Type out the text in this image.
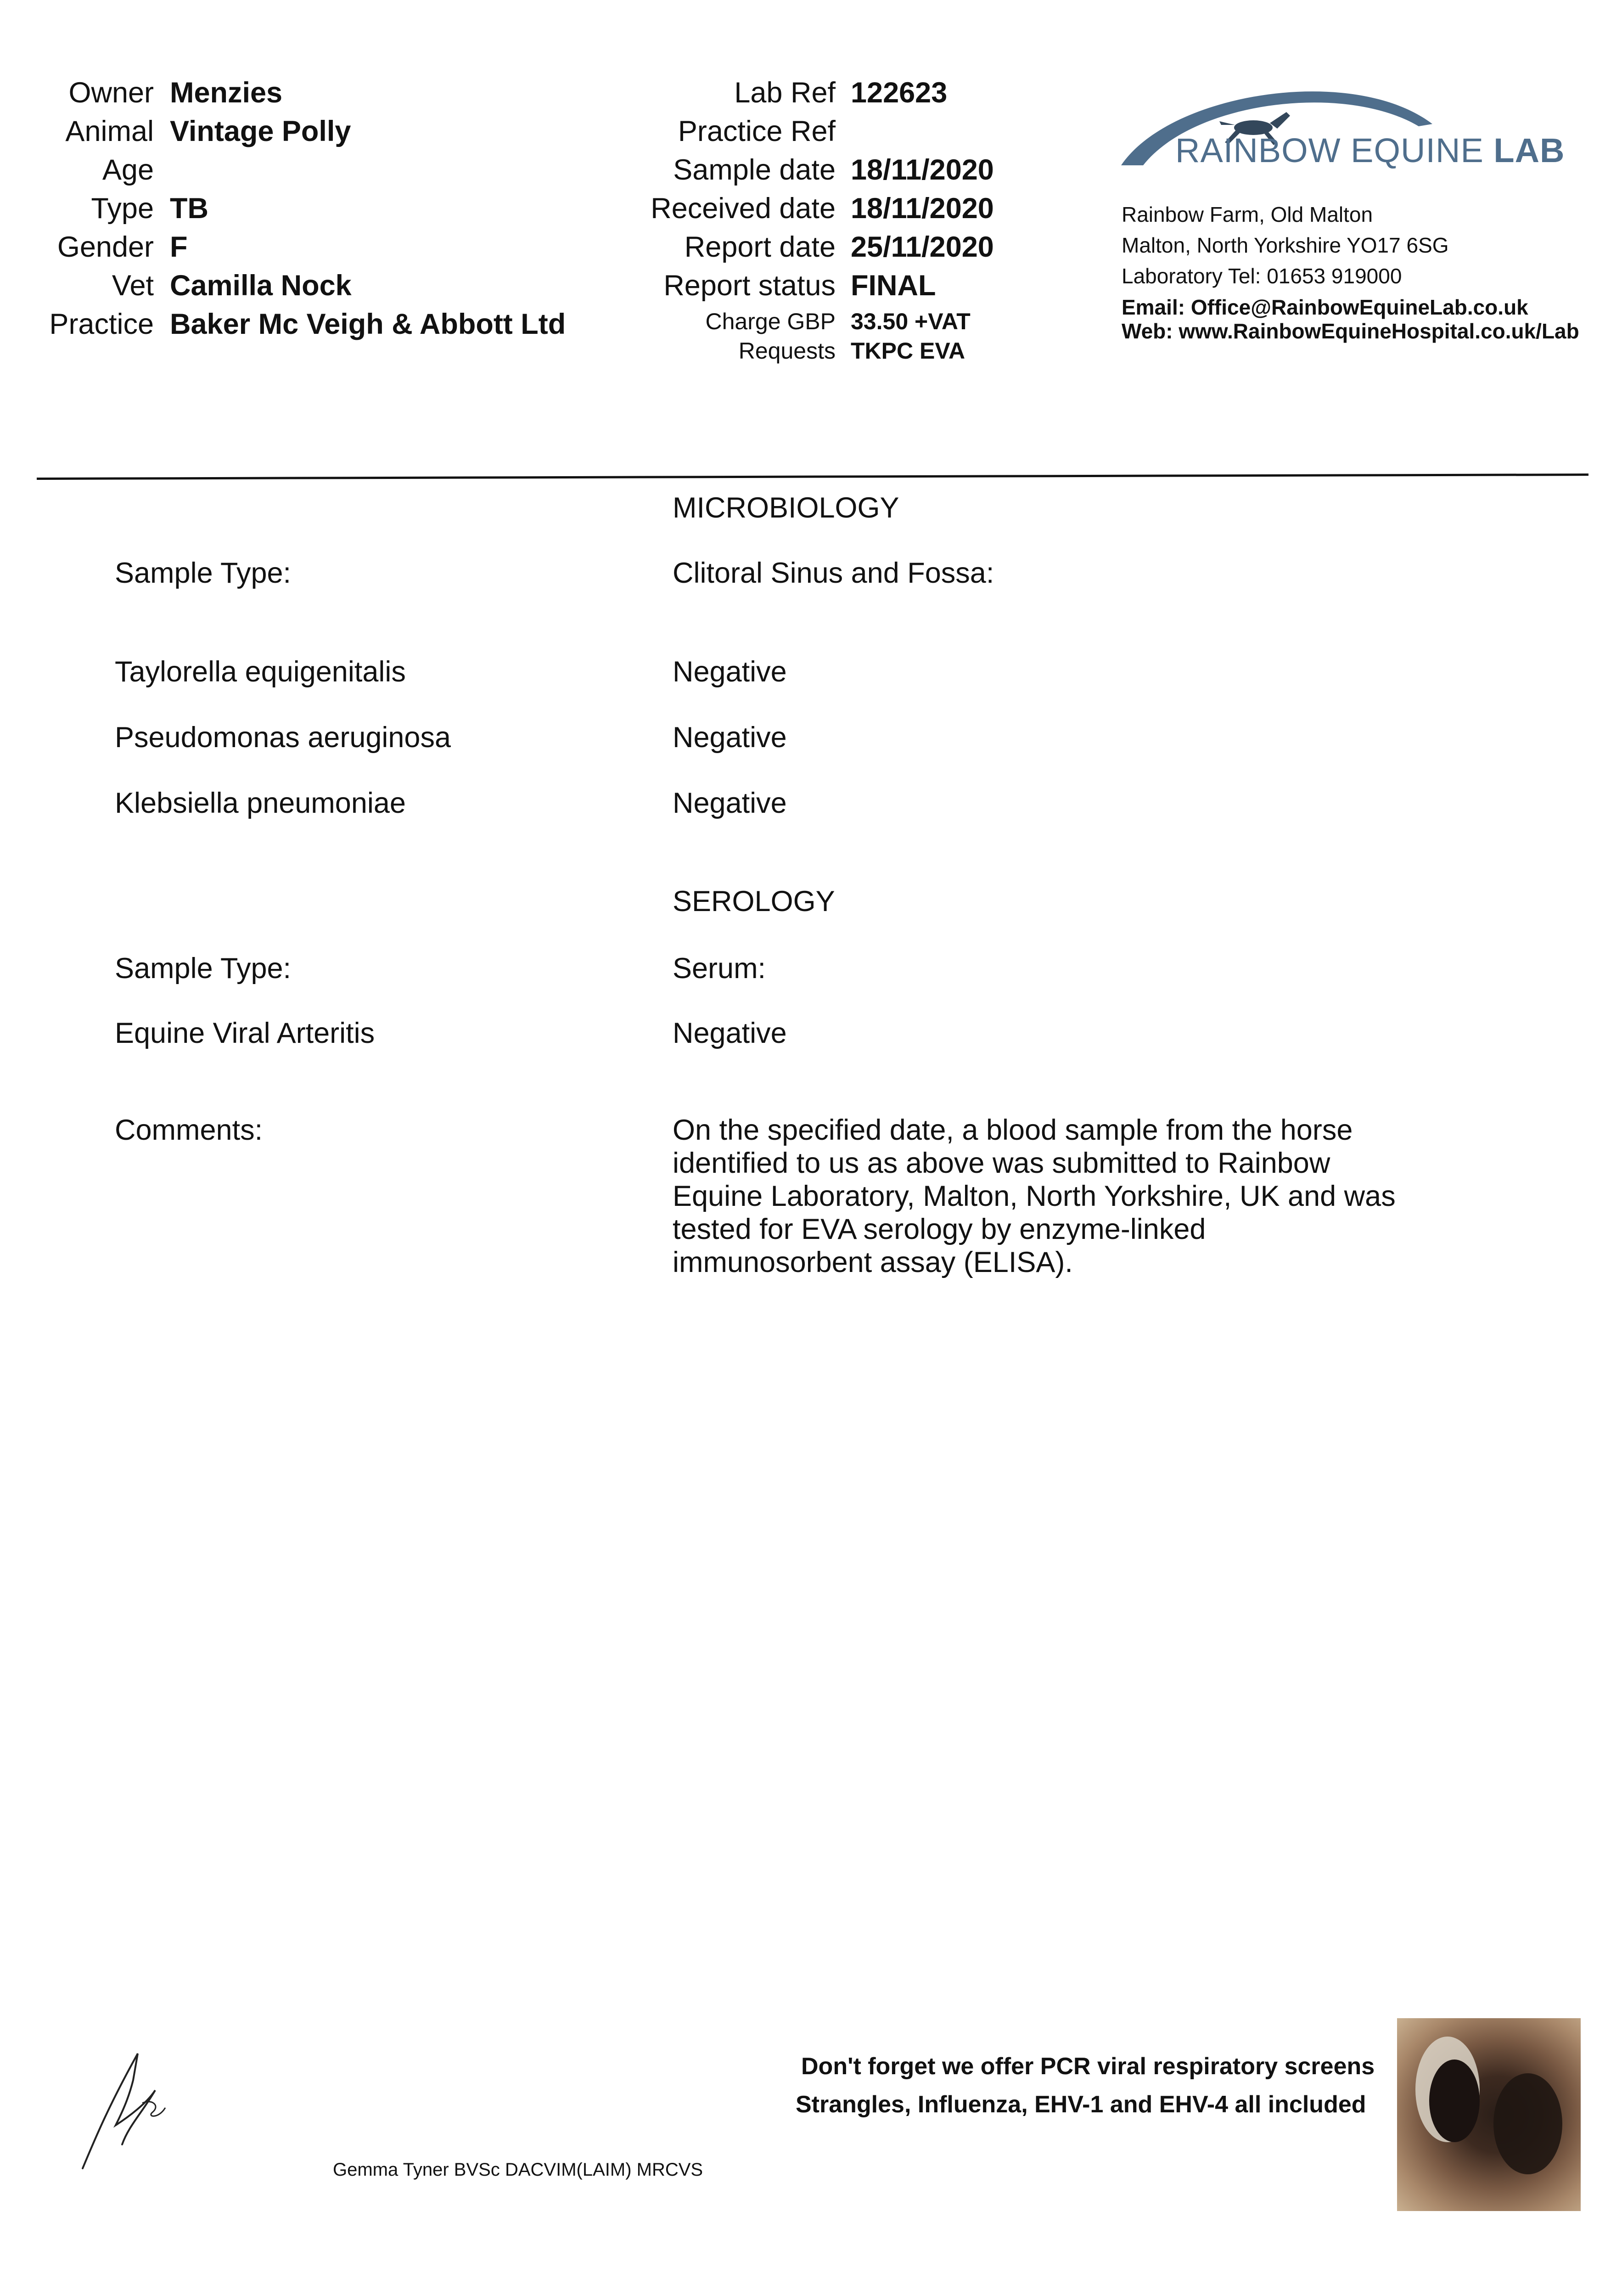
Owner Menzies
Animal Vintage Polly
Age
Type TB
Gender F
Vet Camilla Nock
Practice Baker Mc Veigh & Abbott Ltd
Lab Ref 122623
Practice Ref
Sample date 18/11/2020
Received date 18/11/2020
Report date 25/11/2020
Report status FINAL
Charge GBP 33.50 +VAT
Requests TKPC EVA
RAINBOW EQUINE LAB
Rainbow Farm, Old Malton
Malton, North Yorkshire YO17 6SG
Laboratory Tel: 01653 919000
Email: Office@RainbowEquineLab.co.uk
Web: www.RainbowEquineHospital.co.uk/Lab
MICROBIOLOGY
Sample Type:	Clitoral Sinus and Fossa:
Taylorella equigenitalis	Negative
Pseudomonas aeruginosa	Negative
Klebsiella pneumoniae	Negative
SEROLOGY
Sample Type:	Serum:
Equine Viral Arteritis	Negative
Comments:	On the specified date, a blood sample from the horse identified to us as above was submitted to Rainbow Equine Laboratory, Malton, North Yorkshire, UK and was tested for EVA serology by enzyme-linked immunosorbent assay (ELISA).
Gemma Tyner BVSc DACVIM(LAIM) MRCVS
Don't forget we offer PCR viral respiratory screens
Strangles, Influenza, EHV-1 and EHV-4 all included
